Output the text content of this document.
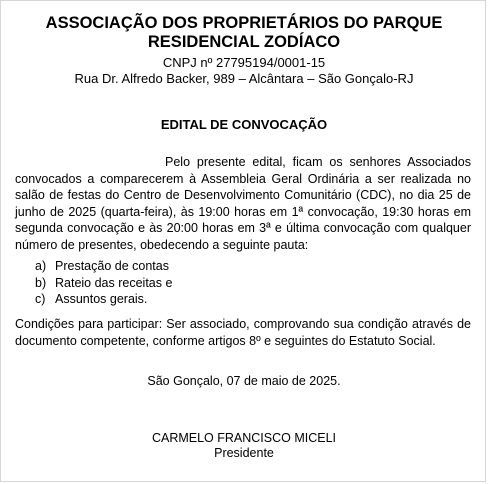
ASSOCIAÇÃO DOS PROPRIETÁRIOS DO PARQUE
RESIDENCIAL ZODÍACO
CNPJ nº 27795194/0001-15
Rua Dr. Alfredo Backer, 989 – Alcântara – São Gonçalo-RJ
EDITAL DE CONVOCAÇÃO
Pelo presente edital, ficam os senhores Associados convocados a comparecerem à Assembleia Geral Ordinária a ser realizada no salão de festas do Centro de Desenvolvimento Comunitário (CDC), no dia 25 de junho de 2025 (quarta-feira), às 19:00 horas em 1ª convocação, 19:30 horas em segunda convocação e às 20:00 horas em 3ª e última convocação com qualquer número de presentes, obedecendo a seguinte pauta:
a) Prestação de contas
b) Rateio das receitas e
c) Assuntos gerais.
Condições para participar: Ser associado, comprovando sua condição através de documento competente, conforme artigos 8º e seguintes do Estatuto Social.
São Gonçalo, 07 de maio de 2025.
CARMELO FRANCISCO MICELI
Presidente
